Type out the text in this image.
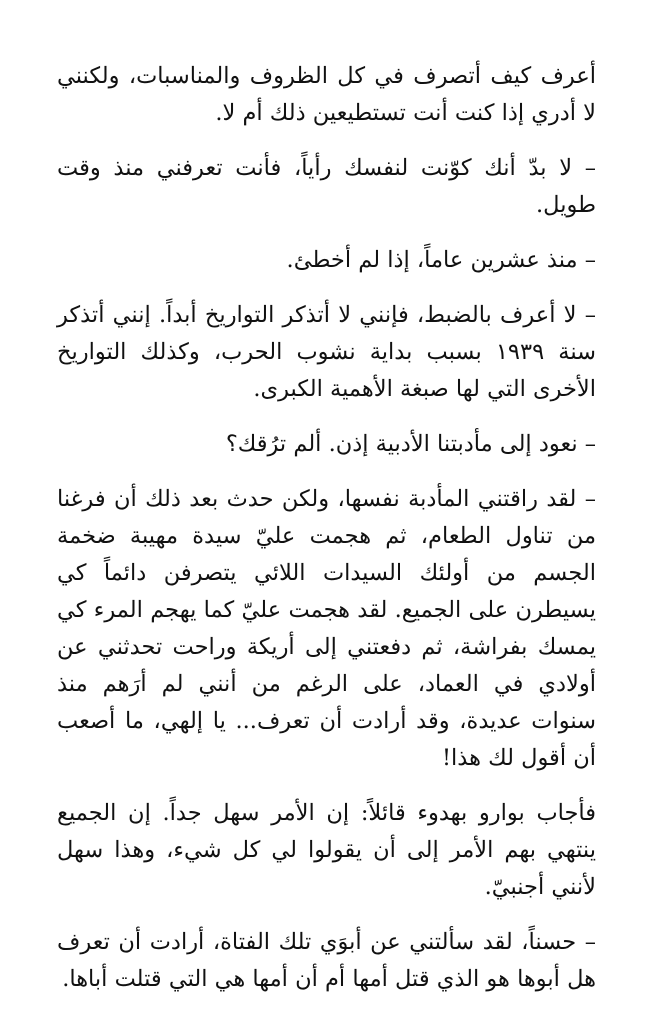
أعرف كيف أتصرف في كل الظروف والمناسبات، ولكنني لا أدري إذا كنت أنت تستطيعين ذلك أم لا.

– لا بدّ أنك كوّنت لنفسك رأياً، فأنت تعرفني منذ وقت طويل.

– منذ عشرين عاماً، إذا لم أخطئ.

– لا أعرف بالضبط، فإنني لا أتذكر التواريخ أبداً. إنني أتذكر سنة ١٩٣٩ بسبب بداية نشوب الحرب، وكذلك التواريخ الأخرى التي لها صبغة الأهمية الكبرى.

– نعود إلى مأدبتنا الأدبية إذن. ألم ترُقك؟

– لقد راقتني المأدبة نفسها، ولكن حدث بعد ذلك أن فرغنا من تناول الطعام، ثم هجمت عليّ سيدة مهيبة ضخمة الجسم من أولئك السيدات اللائي يتصرفن دائماً كي يسيطرن على الجميع. لقد هجمت عليّ كما يهجم المرء كي يمسك بفراشة، ثم دفعتني إلى أريكة وراحت تحدثني عن أولادي في العماد، على الرغم من أنني لم أرَهم منذ سنوات عديدة، وقد أرادت أن تعرف... يا إلهي، ما أصعب أن أقول لك هذا!

فأجاب بوارو بهدوء قائلاً: إن الأمر سهل جداً. إن الجميع ينتهي بهم الأمر إلى أن يقولوا لي كل شيء، وهذا سهل لأنني أجنبيّ.

– حسناً، لقد سألتني عن أبوَي تلك الفتاة، أرادت أن تعرف هل أبوها هو الذي قتل أمها أم أن أمها هي التي قتلت أباها.
